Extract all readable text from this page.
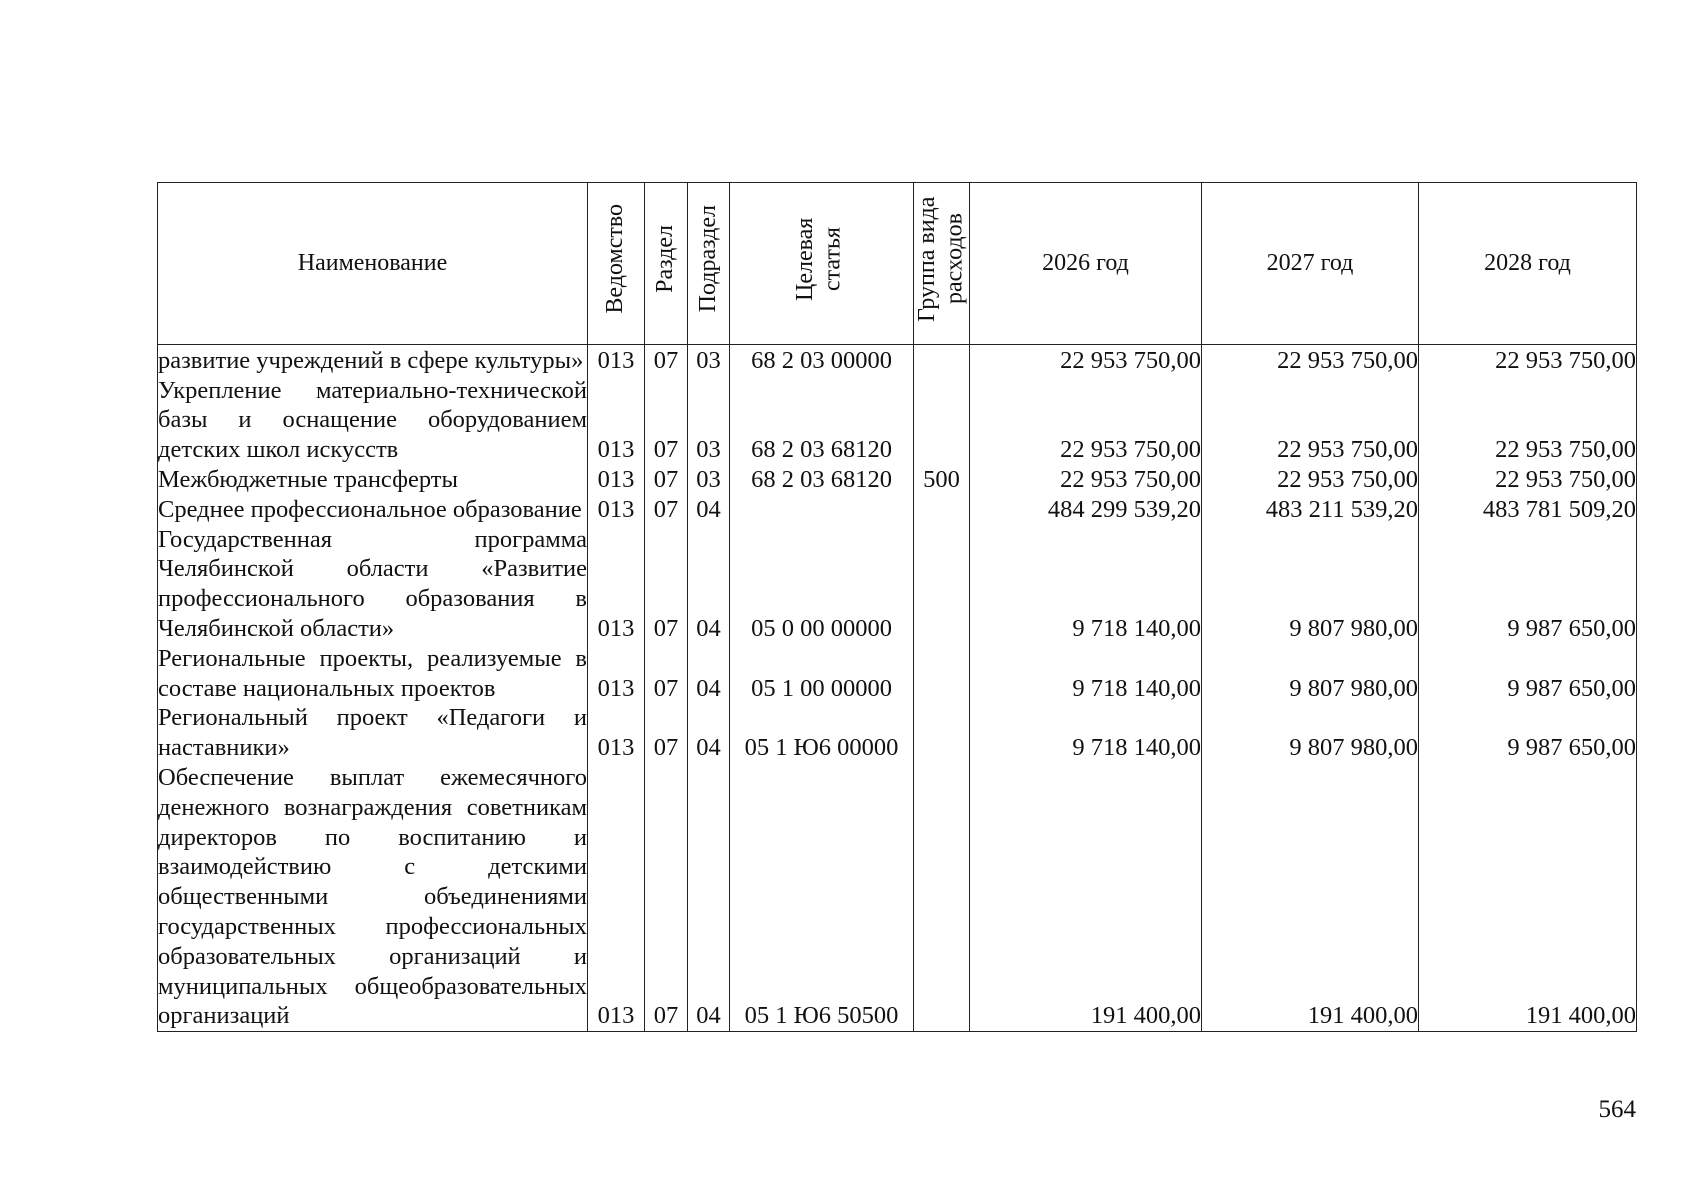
Наименование	Ведомство	Раздел	Подраздел	Целевая статья	Группа вида расходов	2026 год	2027 год	2028 год
развитие учреждений в сфере культуры»	013	07	03	68 2 03 00000		22 953 750,00	22 953 750,00	22 953 750,00
Укрепление материально-технической базы и оснащение оборудованием детских школ искусств	013	07	03	68 2 03 68120		22 953 750,00	22 953 750,00	22 953 750,00
Межбюджетные трансферты	013	07	03	68 2 03 68120	500	22 953 750,00	22 953 750,00	22 953 750,00
Среднее профессиональное образование	013	07	04			484 299 539,20	483 211 539,20	483 781 509,20
Государственная программа Челябинской области «Развитие профессионального образования в Челябинской области»	013	07	04	05 0 00 00000		9 718 140,00	9 807 980,00	9 987 650,00
Региональные проекты, реализуемые в составе национальных проектов	013	07	04	05 1 00 00000		9 718 140,00	9 807 980,00	9 987 650,00
Региональный проект «Педагоги и наставники»	013	07	04	05 1 Ю6 00000		9 718 140,00	9 807 980,00	9 987 650,00
Обеспечение выплат ежемесячного денежного вознаграждения советникам директоров по воспитанию и взаимодействию с детскими общественными объединениями государственных профессиональных образовательных организаций и муниципальных общеобразовательных организаций	013	07	04	05 1 Ю6 50500		191 400,00	191 400,00	191 400,00
564
